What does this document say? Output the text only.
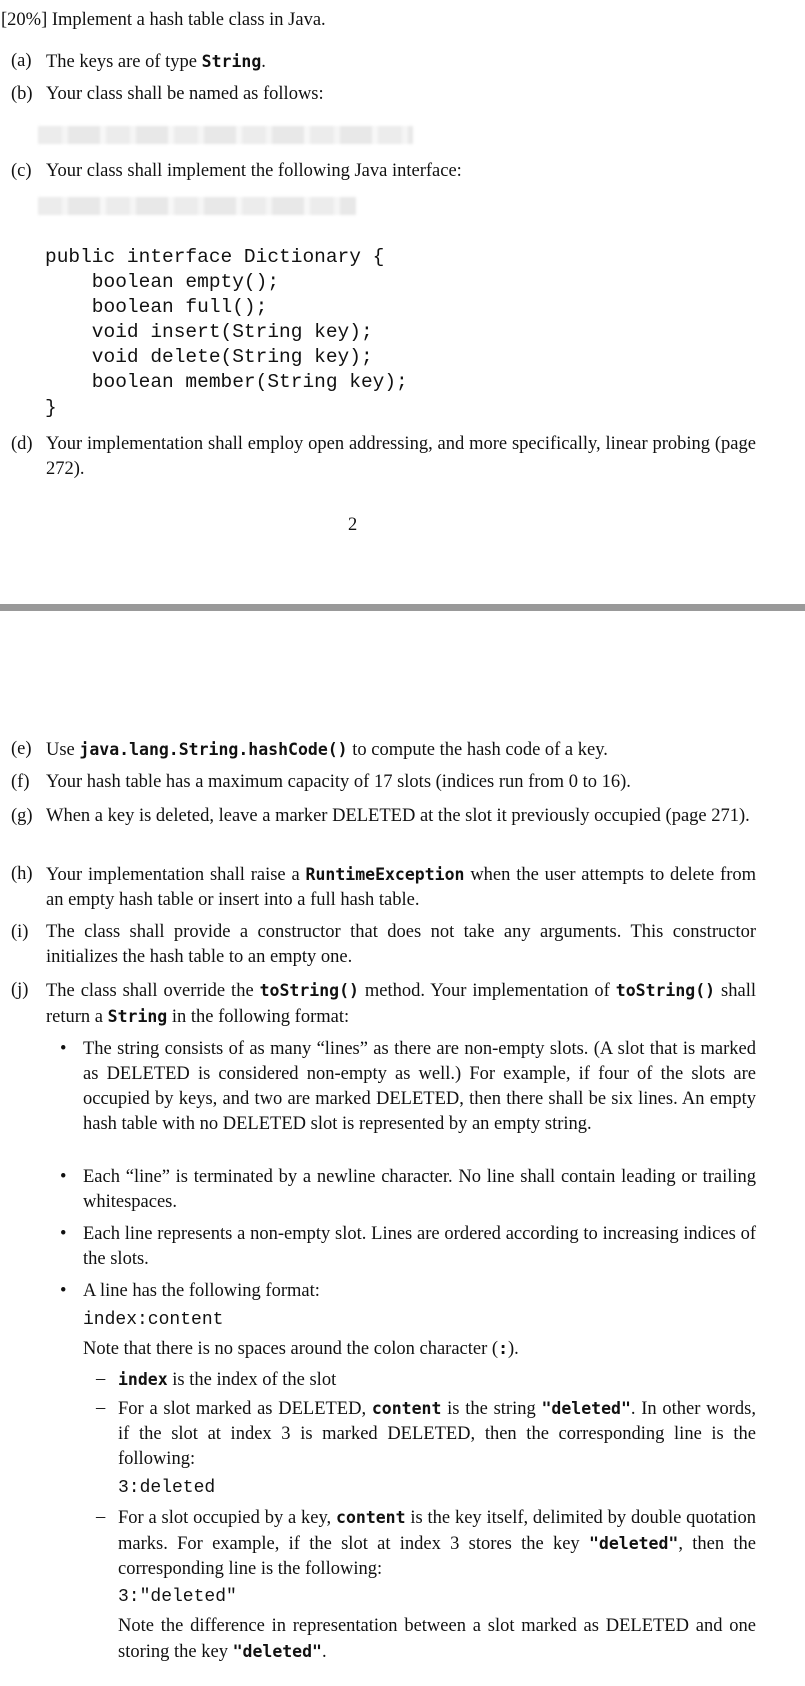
[20%] Implement a hash table class in Java.
(a) The keys are of type String.
(b) Your class shall be named as follows:
(c) Your class shall implement the following Java interface:
public interface Dictionary {
boolean empty();
boolean full();
void insert(String key);
void delete(String key);
boolean member(String key);
}
(d) Your implementation shall employ open addressing, and more specifically, linear probing (page 272).
2
(e) Use java.lang.String.hashCode() to compute the hash code of a key.
(f) Your hash table has a maximum capacity of 17 slots (indices run from 0 to 16).
(g) When a key is deleted, leave a marker DELETED at the slot it previously occupied (page 271).
(h) Your implementation shall raise a RuntimeException when the user attempts to delete from an empty hash table or insert into a full hash table.
(i) The class shall provide a constructor that does not take any arguments. This constructor initializes the hash table to an empty one.
(j) The class shall override the toString() method. Your implementation of toString() shall return a String in the following format:
• The string consists of as many “lines” as there are non-empty slots. (A slot that is marked as DELETED is considered non-empty as well.) For example, if four of the slots are occupied by keys, and two are marked DELETED, then there shall be six lines. An empty hash table with no DELETED slot is represented by an empty string.
• Each “line” is terminated by a newline character. No line shall contain leading or trailing whitespaces.
• Each line represents a non-empty slot. Lines are ordered according to increasing indices of the slots.
• A line has the following format:
index:content
Note that there is no spaces around the colon character (:).
– index is the index of the slot
– For a slot marked as DELETED, content is the string "deleted". In other words, if the slot at index 3 is marked DELETED, then the corresponding line is the following:
3:deleted
– For a slot occupied by a key, content is the key itself, delimited by double quotation marks. For example, if the slot at index 3 stores the key "deleted", then the corresponding line is the following:
3:"deleted"
Note the difference in representation between a slot marked as DELETED and one storing the key "deleted".
